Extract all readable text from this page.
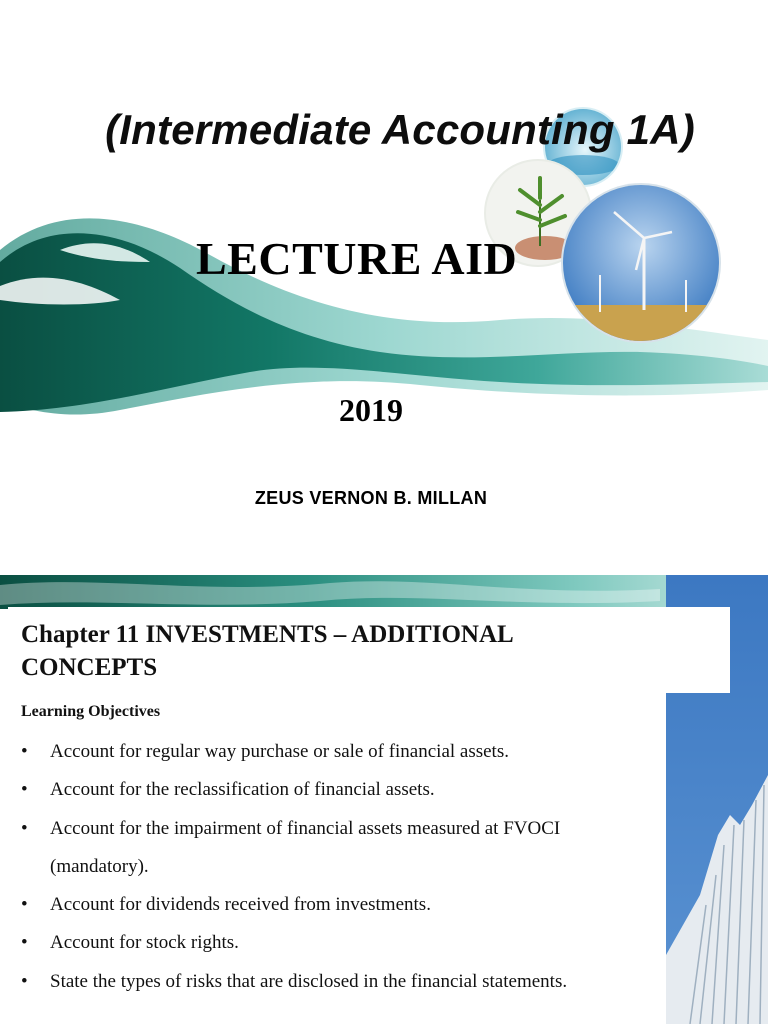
(Intermediate Accounting 1A)
LECTURE AID
2019
ZEUS VERNON B. MILLAN
Chapter 11 INVESTMENTS – ADDITIONAL CONCEPTS
Learning Objectives
• Account for regular way purchase or sale of financial assets.
• Account for the reclassification of financial assets.
• Account for the impairment of financial assets measured at FVOCI (mandatory).
• Account for dividends received from investments.
• Account for stock rights.
• State the types of risks that are disclosed in the financial statements.
